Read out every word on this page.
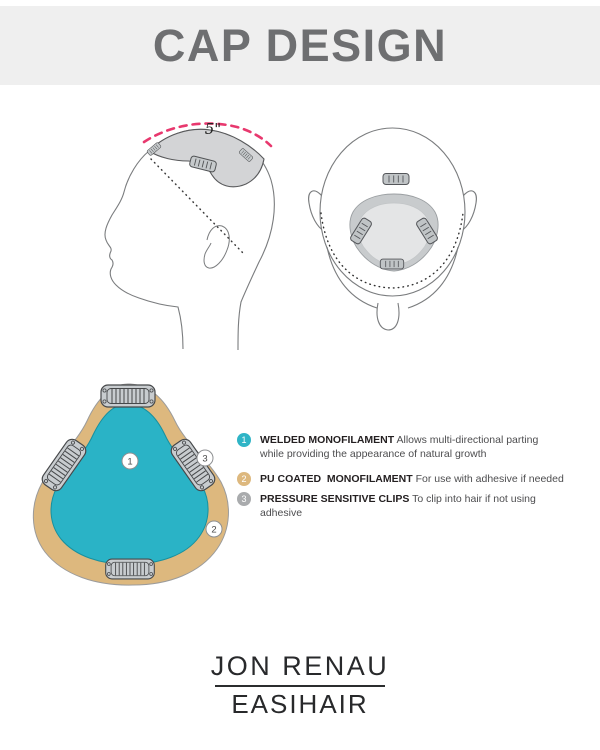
CAP DESIGN
5"
1	3
2
1	WELDED MONOFILAMENT Allows multi-directional parting while providing the appearance of natural growth
2	PU COATED  MONOFILAMENT For use with adhesive if needed
3	PRESSURE SENSITIVE CLIPS To clip into hair if not using adhesive
JON RENAU
EASIHAIR
